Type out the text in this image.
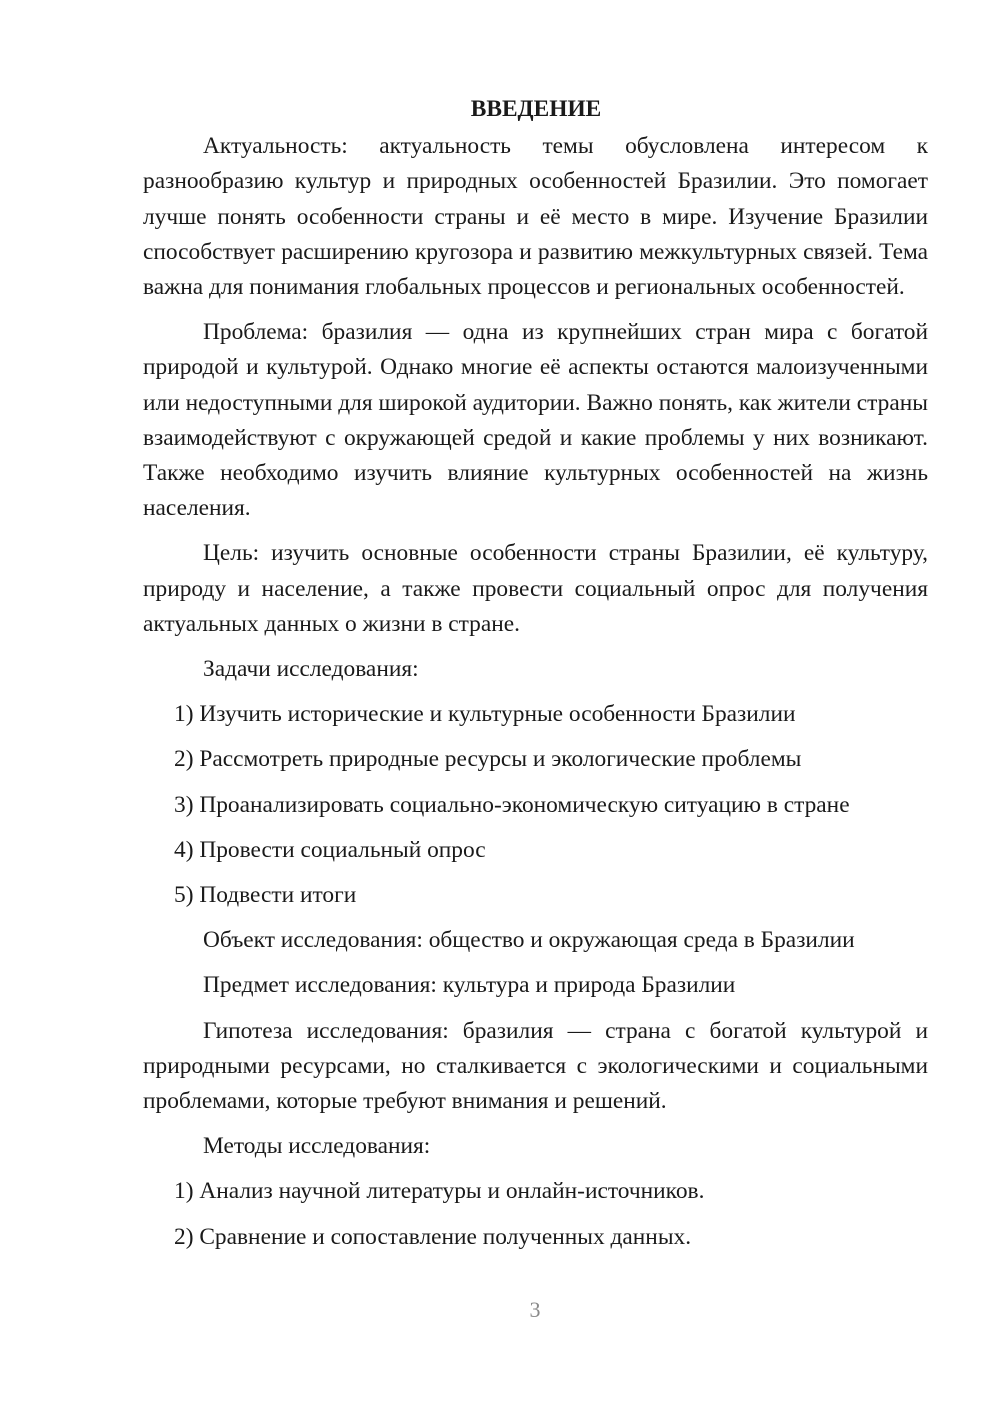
ВВЕДЕНИЕ

Актуальность: актуальность темы обусловлена интересом к разнообразию культур и природных особенностей Бразилии. Это помогает лучше понять особенности страны и её место в мире. Изучение Бразилии способствует расширению кругозора и развитию межкультурных связей. Тема важна для понимания глобальных процессов и региональных особенностей.

Проблема: бразилия — одна из крупнейших стран мира с богатой природой и культурой. Однако многие её аспекты остаются малоизученными или недоступными для широкой аудитории. Важно понять, как жители страны взаимодействуют с окружающей средой и какие проблемы у них возникают. Также необходимо изучить влияние культурных особенностей на жизнь населения.

Цель: изучить основные особенности страны Бразилии, её культуру, природу и население, а также провести социальный опрос для получения актуальных данных о жизни в стране.

Задачи исследования:

1) Изучить исторические и культурные особенности Бразилии
2) Рассмотреть природные ресурсы и экологические проблемы
3) Проанализировать социально-экономическую ситуацию в стране
4) Провести социальный опрос
5) Подвести итоги

Объект исследования: общество и окружающая среда в Бразилии

Предмет исследования: культура и природа Бразилии

Гипотеза исследования: бразилия — страна с богатой культурой и природными ресурсами, но сталкивается с экологическими и социальными проблемами, которые требуют внимания и решений.

Методы исследования:

1) Анализ научной литературы и онлайн-источников.
2) Сравнение и сопоставление полученных данных.
3
